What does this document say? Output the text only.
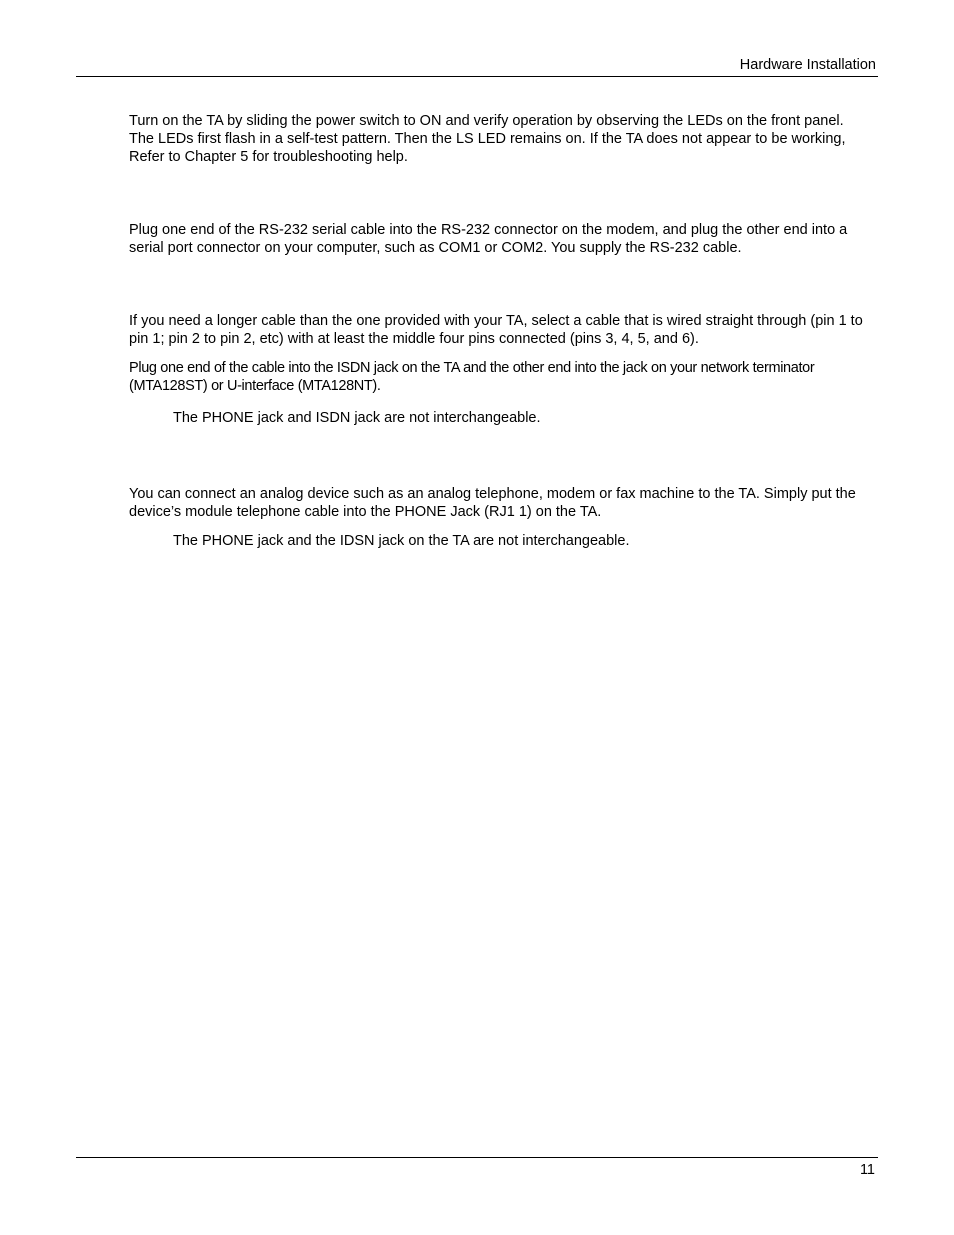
Hardware Installation

Turn on the TA by sliding the power switch to ON and verify operation by observing the LEDs on the front panel. The LEDs first flash in a self-test pattern. Then the LS LED remains on. If the TA does not appear to be working, Refer to Chapter 5 for troubleshooting help.

Plug one end of the RS-232 serial cable into the RS-232 connector on the modem, and plug the other end into a serial port connector on your computer, such as COM1 or COM2. You supply the RS-232 cable.

If you need a longer cable than the one provided with your TA, select a cable that is wired straight through (pin 1 to pin 1; pin 2 to pin 2, etc) with at least the middle four pins connected (pins 3, 4, 5, and 6).

Plug one end of the cable into the ISDN jack on the TA and the other end into the jack on your network terminator (MTA128ST) or U-interface (MTA128NT).

The PHONE jack and ISDN jack are not interchangeable.

You can connect an analog device such as an analog telephone, modem or fax machine to the TA. Simply put the device’s module telephone cable into the PHONE Jack (RJ1 1) on the TA.

The PHONE jack and the IDSN jack on the TA are not interchangeable.

11
